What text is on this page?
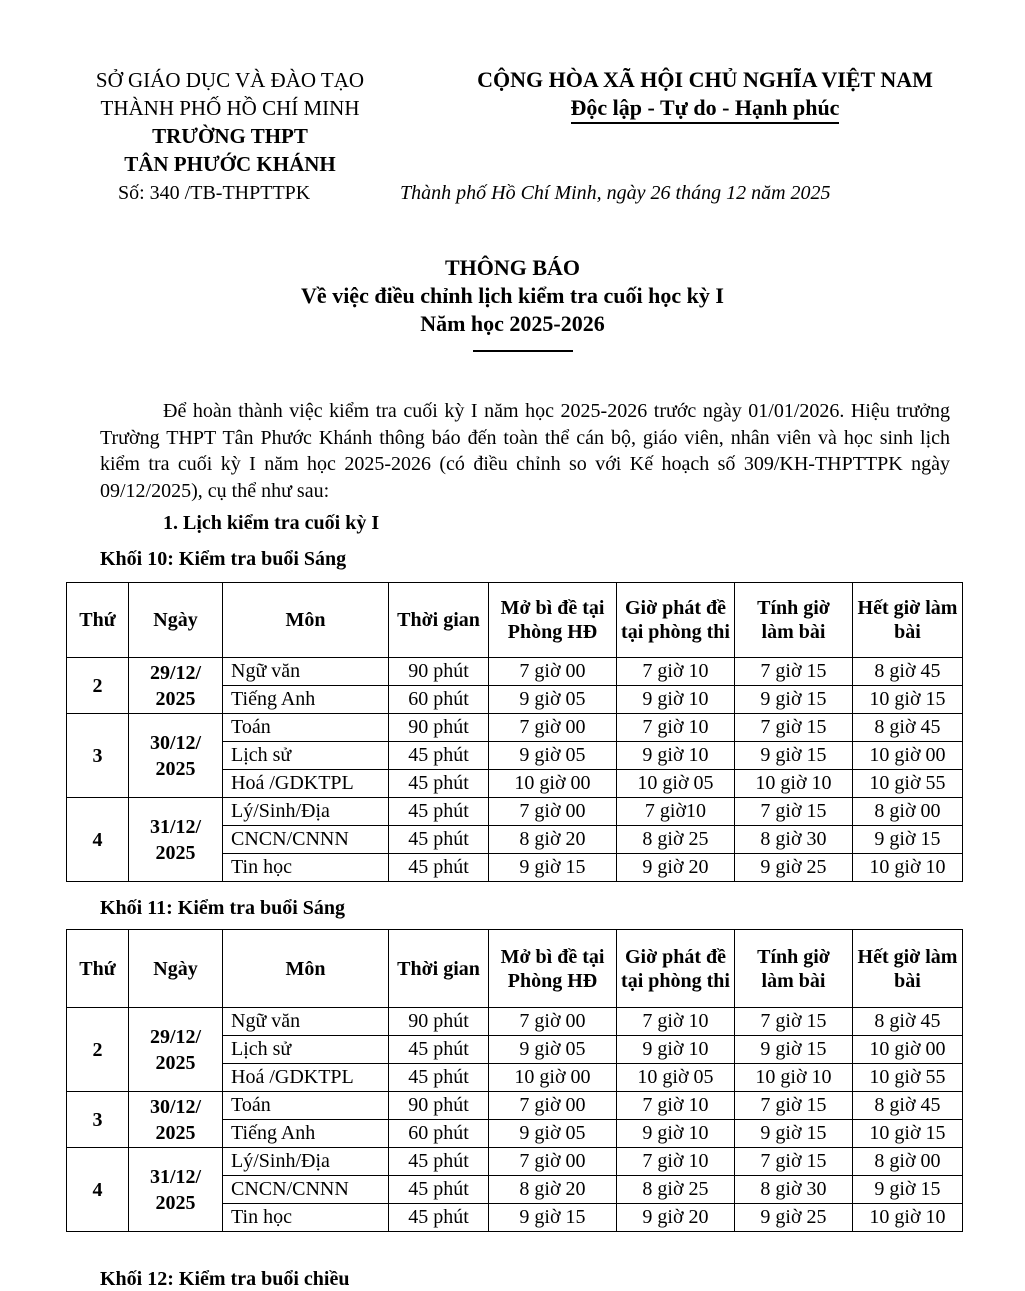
SỞ GIÁO DỤC VÀ ĐÀO TẠO
THÀNH PHỐ HỒ CHÍ MINH
TRƯỜNG THPT
TÂN PHƯỚC KHÁNH
CỘNG HÒA XÃ HỘI CHỦ NGHĨA VIỆT NAM
Độc lập - Tự do - Hạnh phúc
Số: 340 /TB-THPTTPK	Thành phố Hồ Chí Minh, ngày 26 tháng 12 năm 2025
THÔNG BÁO
Về việc điều chỉnh lịch kiểm tra cuối học kỳ I
Năm học 2025-2026
Để hoàn thành việc kiểm tra cuối kỳ I năm học 2025-2026 trước ngày 01/01/2026. Hiệu trưởng Trường THPT Tân Phước Khánh thông báo đến toàn thể cán bộ, giáo viên, nhân viên và học sinh lịch kiểm tra cuối kỳ I năm học 2025-2026 (có điều chỉnh so với Kế hoạch số 309/KH-THPTTPK ngày 09/12/2025), cụ thể như sau:
1. Lịch kiểm tra cuối kỳ I
Khối 10: Kiểm tra buổi Sáng
Thứ	Ngày	Môn	Thời gian	Mở bì đề tại Phòng HĐ	Giờ phát đề tại phòng thi	Tính giờ làm bài	Hết giờ làm bài
2	29/12/ 2025	Ngữ văn	90 phút	7 giờ 00	7 giờ 10	7 giờ 15	8 giờ 45
		Tiếng Anh	60 phút	9 giờ 05	9 giờ 10	9 giờ 15	10 giờ 15
3	30/12/ 2025	Toán	90 phút	7 giờ 00	7 giờ 10	7 giờ 15	8 giờ 45
		Lịch sử	45 phút	9 giờ 05	9 giờ 10	9 giờ 15	10 giờ 00
		Hoá /GDKTPL	45 phút	10 giờ 00	10 giờ 05	10 giờ 10	10 giờ 55
4	31/12/ 2025	Lý/Sinh/Địa	45 phút	7 giờ 00	7 giờ10	7 giờ 15	8 giờ 00
		CNCN/CNNN	45 phút	8 giờ 20	8 giờ 25	8 giờ 30	9 giờ 15
		Tin học	45 phút	9 giờ 15	9 giờ 20	9 giờ 25	10 giờ 10
Khối 11: Kiểm tra buổi Sáng
Thứ	Ngày	Môn	Thời gian	Mở bì đề tại Phòng HĐ	Giờ phát đề tại phòng thi	Tính giờ làm bài	Hết giờ làm bài
2	29/12/ 2025	Ngữ văn	90 phút	7 giờ 00	7 giờ 10	7 giờ 15	8 giờ 45
		Lịch sử	45 phút	9 giờ 05	9 giờ 10	9 giờ 15	10 giờ 00
		Hoá /GDKTPL	45 phút	10 giờ 00	10 giờ 05	10 giờ 10	10 giờ 55
3	30/12/ 2025	Toán	90 phút	7 giờ 00	7 giờ 10	7 giờ 15	8 giờ 45
		Tiếng Anh	60 phút	9 giờ 05	9 giờ 10	9 giờ 15	10 giờ 15
4	31/12/ 2025	Lý/Sinh/Địa	45 phút	7 giờ 00	7 giờ 10	7 giờ 15	8 giờ 00
		CNCN/CNNN	45 phút	8 giờ 20	8 giờ 25	8 giờ 30	9 giờ 15
		Tin học	45 phút	9 giờ 15	9 giờ 20	9 giờ 25	10 giờ 10
Khối 12: Kiểm tra buổi chiều
